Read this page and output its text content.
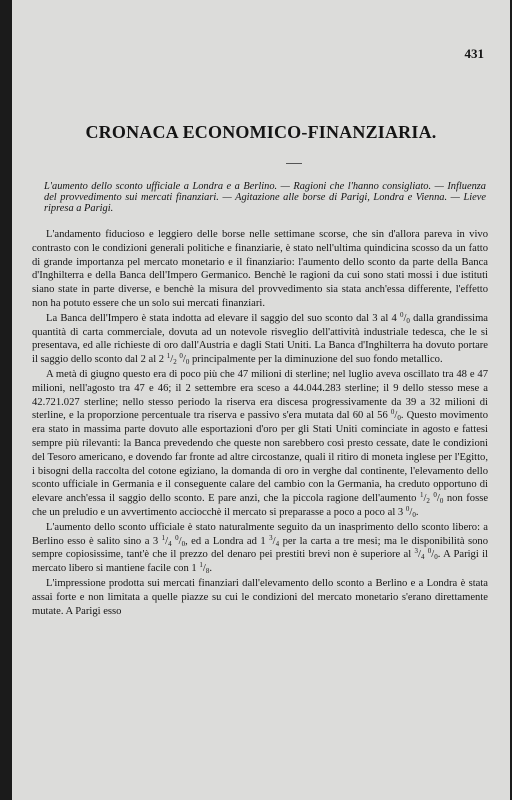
431
CRONACA ECONOMICO-FINANZIARIA.
L'aumento dello sconto ufficiale a Londra e a Berlino. — Ragioni che l'hanno consigliato. — Influenza del provvedimento sui mercati finanziari. — Agitazione alle borse di Parigi, Londra e Vienna. — Lieve ripresa a Parigi.

L'andamento fiducioso e leggiero delle borse nelle settimane scorse, che sin d'allora pareva in vivo contrasto con le condizioni generali politiche e finanziarie, è stato nell'ultima quindicina scosso da un fatto di grande importanza pel mercato monetario e il finanziario: l'aumento dello sconto da parte della Banca d'Inghilterra e della Banca dell'Impero Germanico. Benchè le ragioni da cui sono stati mossi i due istituti siano state in parte diverse, e benchè la misura del provvedimento sia stata anch'essa differente, l'effetto non ha potuto essere che un solo sui mercati finanziari.

La Banca dell'Impero è stata indotta ad elevare il saggio del suo sconto dal 3 al 4 $^0/_0$ dalla grandissima quantità di carta commerciale, dovuta ad un notevole risveglio dell'attività industriale tedesca, che le si presentava, ed alle richieste di oro dall'Austria e dagli Stati Uniti. La Banca d'Inghilterra ha dovuto portare il saggio dello sconto dal 2 al 2 $^1/_2$ $^0/_0$ principalmente per la diminuzione del suo fondo metallico.

A metà di giugno questo era di poco più che 47 milioni di sterline; nel luglio aveva oscillato tra 48 e 47 milioni, nell'agosto tra 47 e 46; il 2 settembre era sceso a 44.044.283 sterline; il 9 dello stesso mese a 42.721.027 sterline; nello stesso periodo la riserva era discesa progressivamente da 39 a 32 milioni di sterline, e la proporzione percentuale tra riserva e passivo s'era mutata dal 60 al 56 $^0/_0$. Questo movimento era stato in massima parte dovuto alle esportazioni d'oro per gli Stati Uniti cominciate in agosto e fattesi sempre più rilevanti: la Banca prevedendo che queste non sarebbero così presto cessate, date le condizioni del Tesoro americano, e dovendo far fronte ad altre circostanze, quali il ritiro di moneta inglese per l'Egitto, i bisogni della raccolta del cotone egiziano, la domanda di oro in verghe dal continente, l'elevamento dello sconto ufficiale in Germania e il conseguente calare del cambio con la Germania, ha creduto opportuno di elevare anch'essa il saggio dello sconto. E pare anzi, che la piccola ragione dell'aumento $^1/_2$ $^0/_0$ non fosse che un preludio e un avvertimento acciocchè il mercato si preparasse a poco a poco al 3 $^0/_0$.

L'aumento dello sconto ufficiale è stato naturalmente seguito da un inasprimento dello sconto libero: a Berlino esso è salito sino a 3 $^1/_4$ $^0/_0$, ed a Londra ad 1 $^3/_4$ per la carta a tre mesi; ma le disponibilità sono sempre copiosissime, tant'è che il prezzo del denaro pei prestiti brevi non è superiore al $^3/_4$ $^0/_0$. A Parigi il mercato libero si mantiene facile con 1 $^1/_8$.

L'impressione prodotta sui mercati finanziari dall'elevamento dello sconto a Berlino e a Londra è stata assai forte e non limitata a quelle piazze su cui le condizioni del mercato monetario s'erano direttamente mutate. A Parigi esso
